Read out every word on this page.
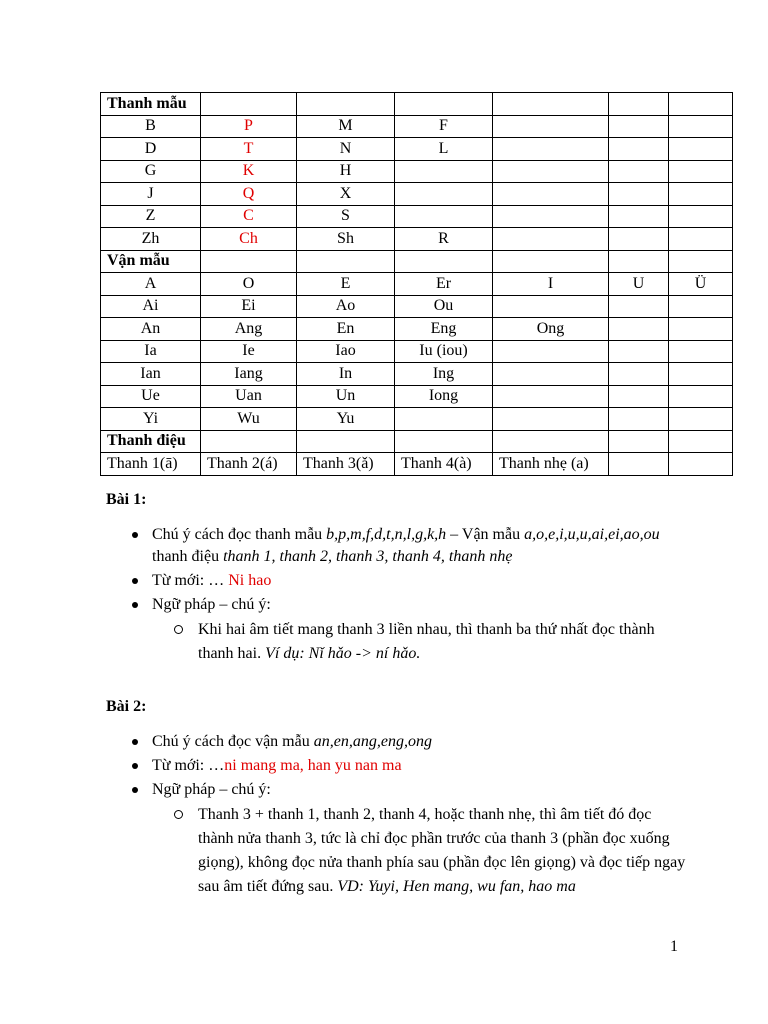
Thanh mẫu						
B	P	M	F			
D	T	N	L			
G	K	H				
J	Q	X				
Z	C	S				
Zh	Ch	Sh	R			
Vận mẫu						
A	O	E	Er	I	U	Ü
Ai	Ei	Ao	Ou			
An	Ang	En	Eng	Ong		
Ia	Ie	Iao	Iu (iou)			
Ian	Iang	In	Ing			
Ue	Uan	Un	Iong			
Yi	Wu	Yu				
Thanh điệu						
Thanh 1(ā)	Thanh 2(á)	Thanh 3(ǎ)	Thanh 4(à)	Thanh nhẹ (a)		
Bài 1:
Chú ý cách đọc thanh mẫu b,p,m,f,d,t,n,l,g,k,h – Vận mẫu a,o,e,i,u,u,ai,ei,ao,ou thanh điệu thanh 1, thanh 2, thanh 3, thanh 4, thanh nhẹ
Từ mới: … Ni hao
Ngữ pháp – chú ý:
Khi hai âm tiết mang thanh 3 liền nhau, thì thanh ba thứ nhất đọc thành thanh hai. Ví dụ: Nǐ hǎo -> ní hǎo.
Bài 2:
Chú ý cách đọc vận mẫu an,en,ang,eng,ong
Từ mới: …ni mang ma, han yu nan ma
Ngữ pháp – chú ý:
Thanh 3 + thanh 1, thanh 2, thanh 4, hoặc thanh nhẹ, thì âm tiết đó đọc thành nửa thanh 3, tức là chỉ đọc phần trước của thanh 3 (phần đọc xuống giọng), không đọc nửa thanh phía sau (phần đọc lên giọng) và đọc tiếp ngay sau âm tiết đứng sau. VD: Yuyi, Hen mang, wu fan, hao ma
1
